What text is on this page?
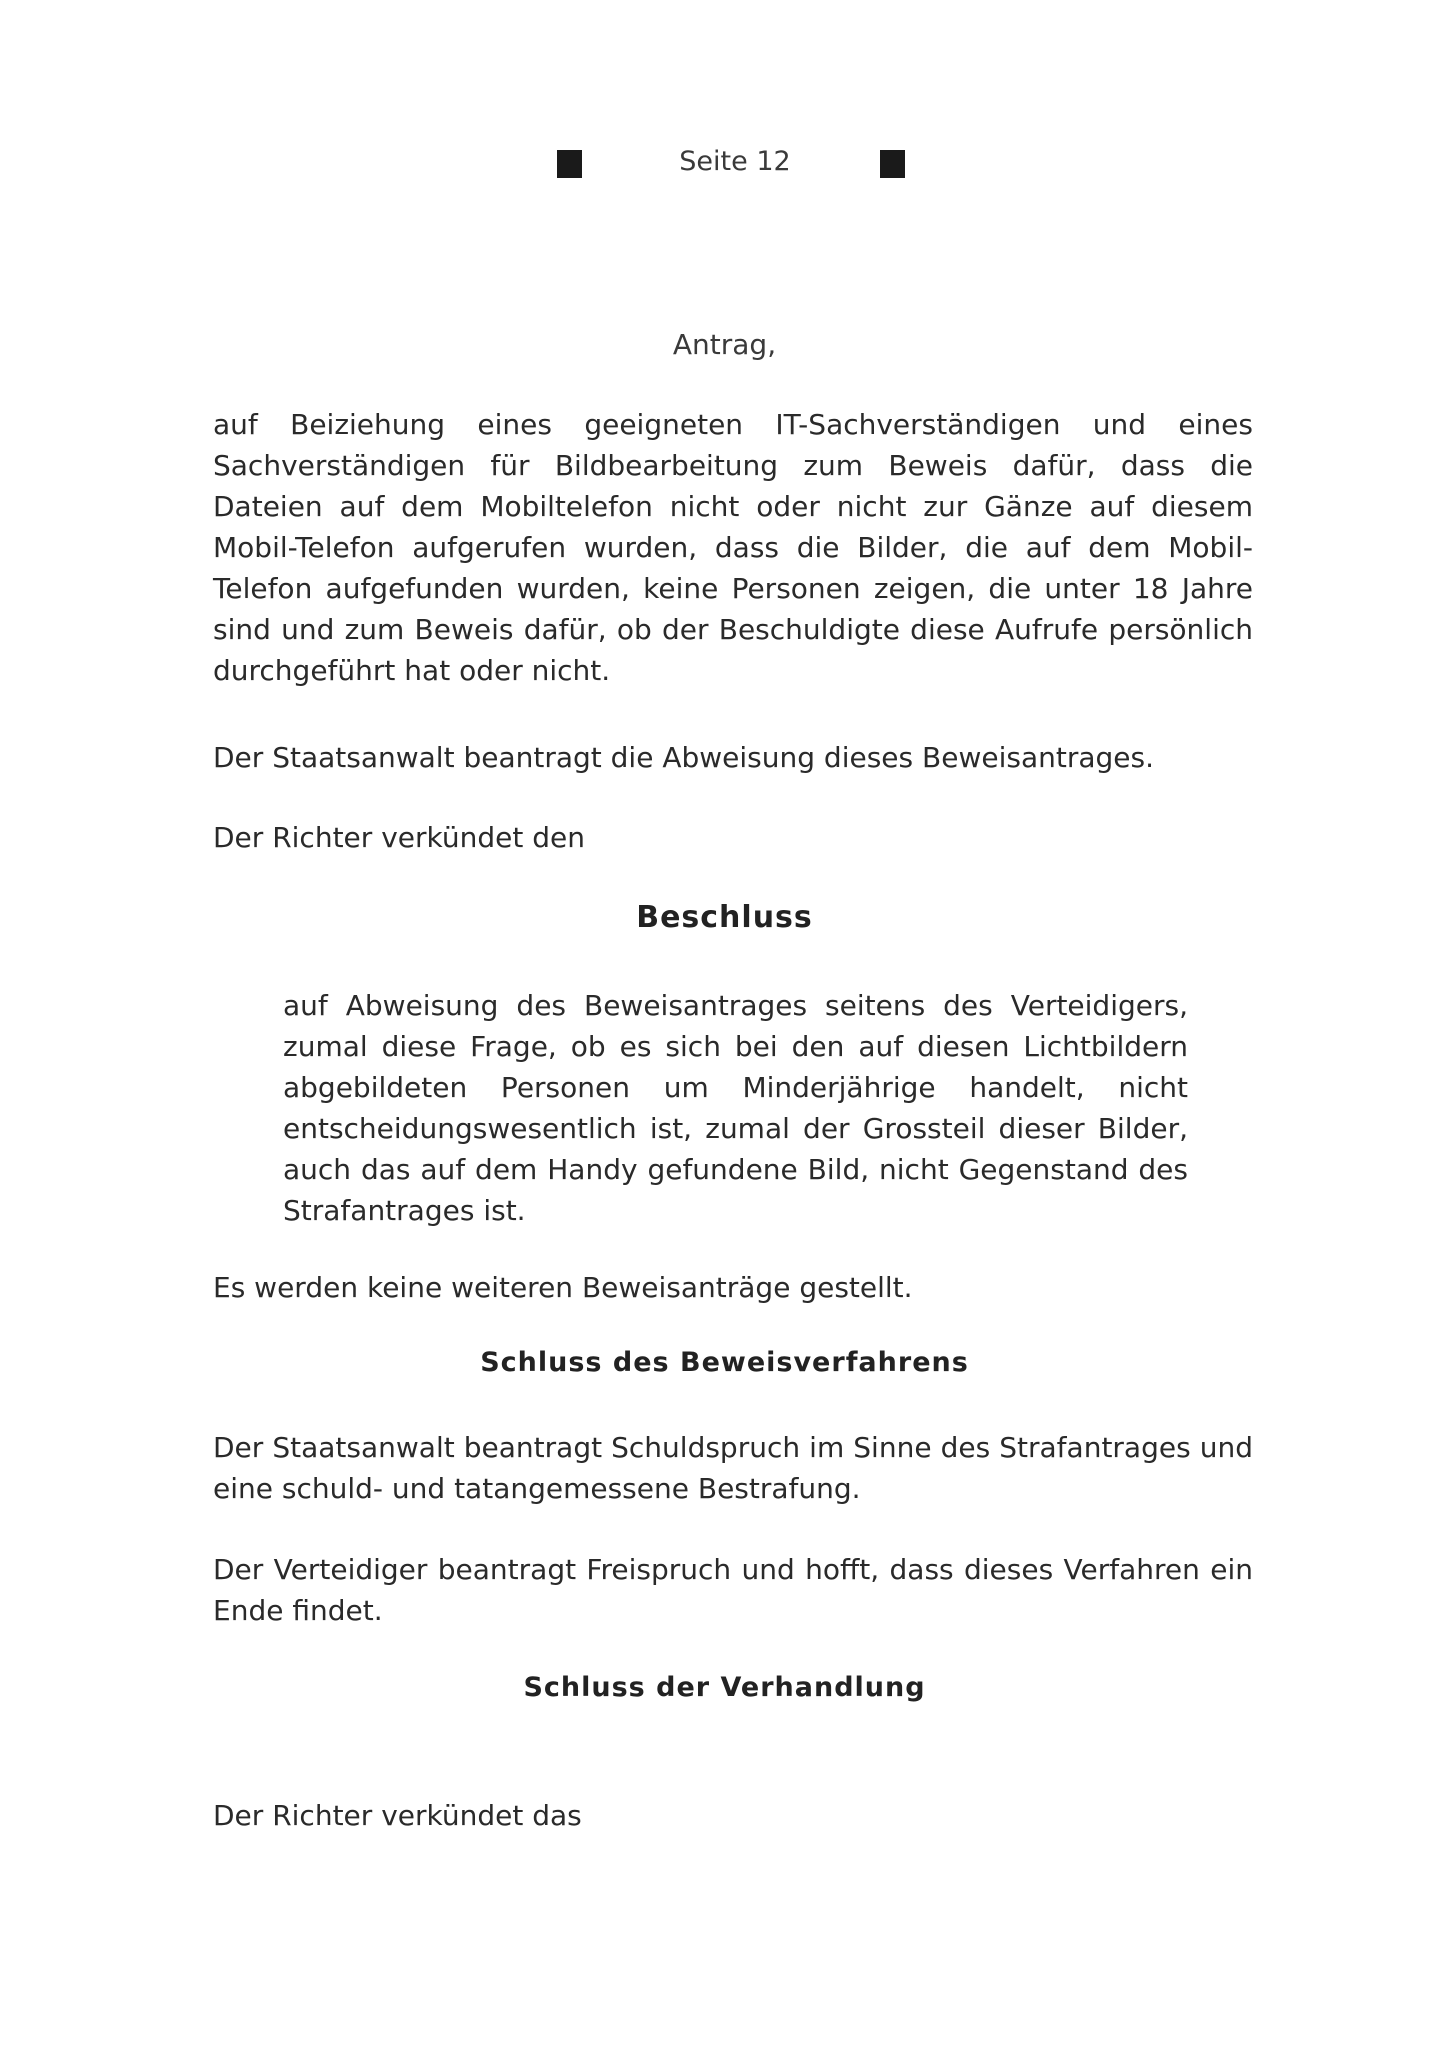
Seite 12
Antrag,

auf Beiziehung eines geeigneten IT-Sachverständigen und eines Sachverständigen für Bildbearbeitung zum Beweis dafür, dass die Dateien auf dem Mobiltelefon nicht oder nicht zur Gänze auf diesem Mobil-Telefon aufgerufen wurden, dass die Bilder, die auf dem Mobil-Telefon aufgefunden wurden, keine Personen zeigen, die unter 18 Jahre sind und zum Beweis dafür, ob der Beschuldigte diese Aufrufe persönlich durchgeführt hat oder nicht.

Der Staatsanwalt beantragt die Abweisung dieses Beweisantrages.

Der Richter verkündet den

Beschluss

auf Abweisung des Beweisantrages seitens des Verteidigers, zumal diese Frage, ob es sich bei den auf diesen Lichtbildern abgebildeten Personen um Minderjährige handelt, nicht entscheidungswesentlich ist, zumal der Grossteil dieser Bilder, auch das auf dem Handy gefundene Bild, nicht Gegenstand des Strafantrages ist.

Es werden keine weiteren Beweisanträge gestellt.

Schluss des Beweisverfahrens

Der Staatsanwalt beantragt Schuldspruch im Sinne des Strafantrages und eine schuld- und tatangemessene Bestrafung.

Der Verteidiger beantragt Freispruch und hofft, dass dieses Verfahren ein Ende findet.

Schluss der Verhandlung

Der Richter verkündet das
